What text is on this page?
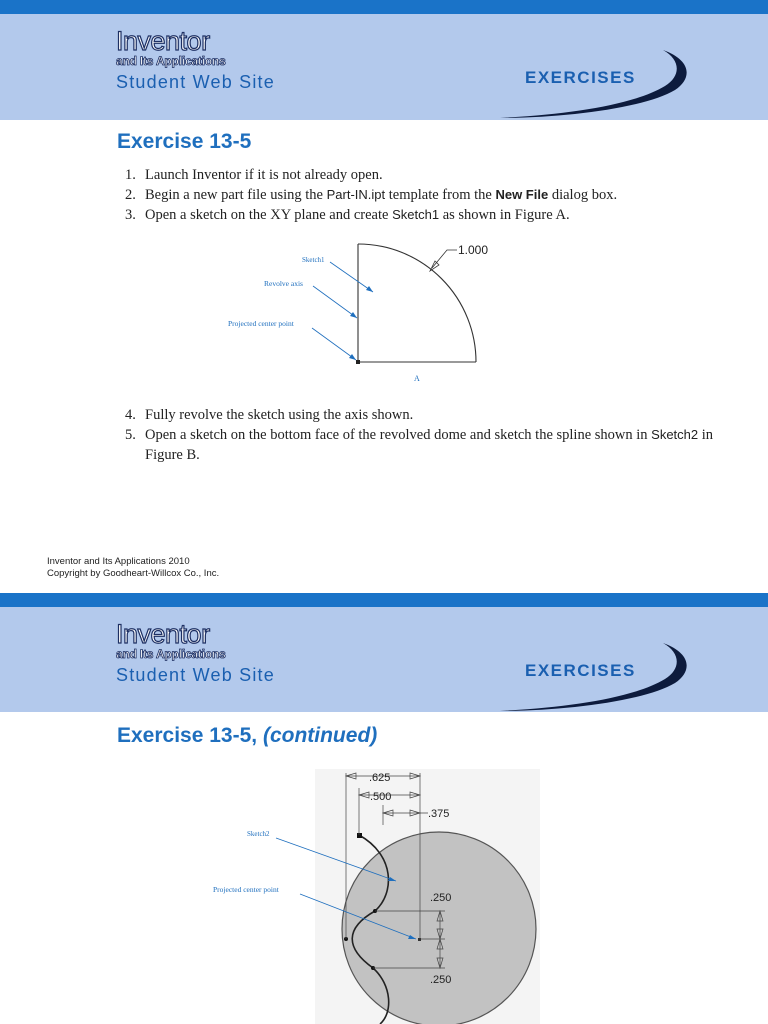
Inventor
and Its Applications
Student Web Site	EXERCISES
Exercise 13-5
1. Launch Inventor if it is not already open.
2. Begin a new part file using the Part-IN.ipt template from the New File dialog box.
3. Open a sketch on the XY plane and create Sketch1 as shown in Figure A.
1.000
Sketch1
Revolve axis
Projected center point
A
4. Fully revolve the sketch using the axis shown.
5. Open a sketch on the bottom face of the revolved dome and sketch the spline shown in Sketch2 in Figure B.
Inventor and Its Applications 2010
Copyright by Goodheart-Willcox Co., Inc.
Inventor
and Its Applications
Student Web Site	EXERCISES
Exercise 13-5, (continued)
.625
.500
.375
.250
.250
Sketch2
Projected center point
